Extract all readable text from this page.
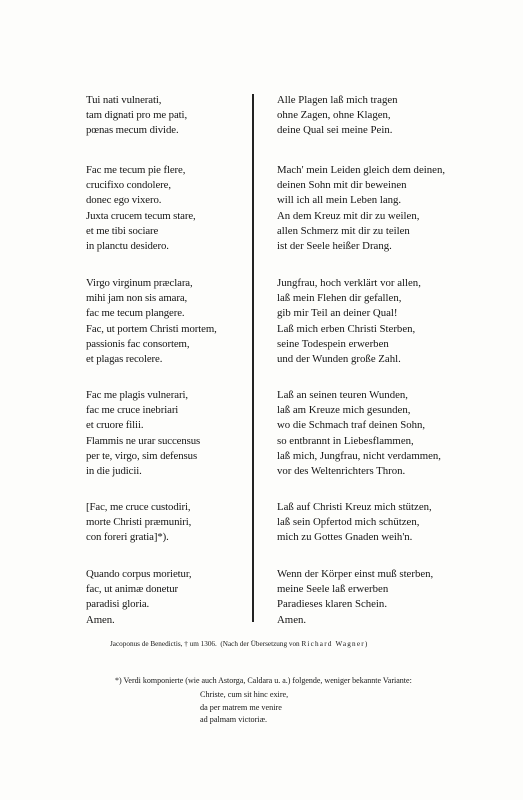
Tui nati vulnerati,
tam dignati pro me pati,
pœnas mecum divide.
Fac me tecum pie flere,
crucifixo condolere,
donec ego vixero.
Juxta crucem tecum stare,
et me tibi sociare
in planctu desidero.
Virgo virginum præclara,
mihi jam non sis amara,
fac me tecum plangere.
Fac, ut portem Christi mortem,
passionis fac consortem,
et plagas recolere.
Fac me plagis vulnerari,
fac me cruce inebriari
et cruore filii.
Flammis ne urar succensus
per te, virgo, sim defensus
in die judicii.
[Fac, me cruce custodiri,
morte Christi præmuniri,
con foreri gratia]*).
Quando corpus morietur,
fac, ut animæ donetur
paradisi gloria.
Amen.
Alle Plagen laß mich tragen
ohne Zagen, ohne Klagen,
deine Qual sei meine Pein.
Mach' mein Leiden gleich dem deinen,
deinen Sohn mit dir beweinen
will ich all mein Leben lang.
An dem Kreuz mit dir zu weilen,
allen Schmerz mit dir zu teilen
ist der Seele heißer Drang.
Jungfrau, hoch verklärt vor allen,
laß mein Flehen dir gefallen,
gib mir Teil an deiner Qual!
Laß mich erben Christi Sterben,
seine Todespein erwerben
und der Wunden große Zahl.
Laß an seinen teuren Wunden,
laß am Kreuze mich gesunden,
wo die Schmach traf deinen Sohn,
so entbrannt in Liebesflammen,
laß mich, Jungfrau, nicht verdammen,
vor des Weltenrichters Thron.
Laß auf Christi Kreuz mich stützen,
laß sein Opfertod mich schützen,
mich zu Gottes Gnaden weih'n.
Wenn der Körper einst muß sterben,
meine Seele laß erwerben
Paradieses klaren Schein.
Amen.
Jacoponus de Benedictis, † um 1306. (Nach der Übersetzung von Richard Wagner)
*) Verdi komponierte (wie auch Astorga, Caldara u. a.) folgende, weniger bekannte Variante:
Christe, cum sit hinc exire,
da per matrem me venire
ad palmam victoriæ.
